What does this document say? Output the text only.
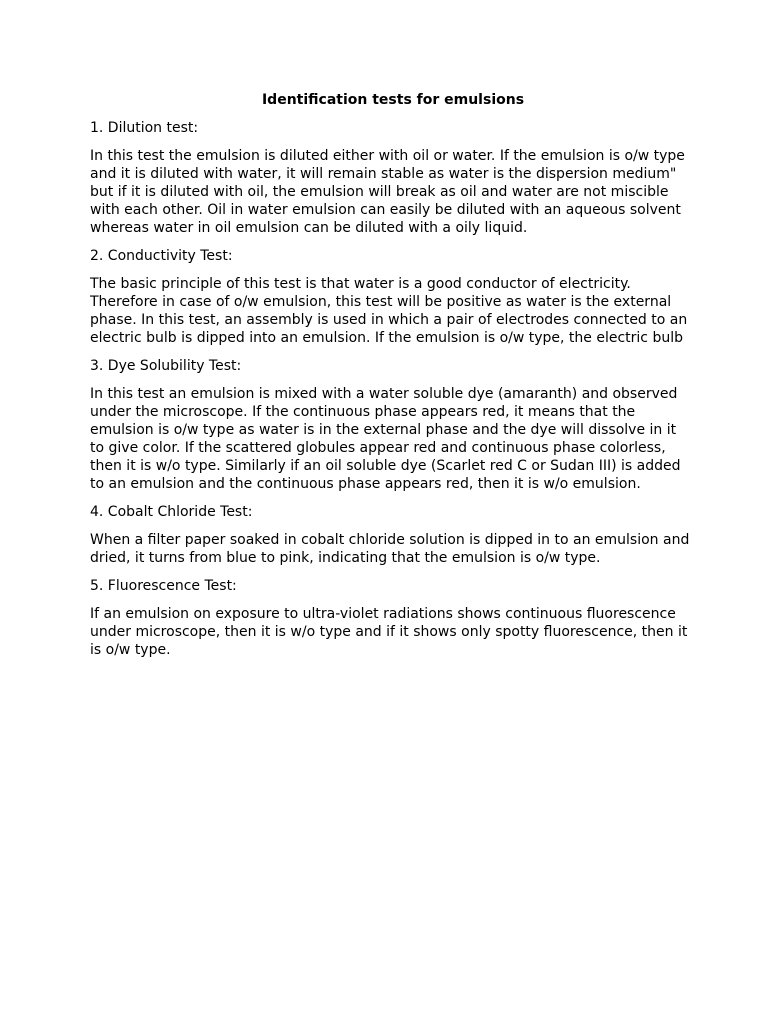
Identification tests for emulsions
1. Dilution test:
In this test the emulsion is diluted either with oil or water. If the emulsion is o/w type and it is diluted with water, it will remain stable as water is the dispersion medium" but if it is diluted with oil, the emulsion will break as oil and water are not miscible with each other. Oil in water emulsion can easily be diluted with an aqueous solvent whereas water in oil emulsion can be diluted with a oily liquid.
2. Conductivity Test:
The basic principle of this test is that water is a good conductor of electricity. Therefore in case of o/w emulsion, this test will be positive as water is the external phase. In this test, an assembly is used in which a pair of electrodes connected to an electric bulb is dipped into an emulsion. If the emulsion is o/w type, the electric bulb
3. Dye Solubility Test:
In this test an emulsion is mixed with a water soluble dye (amaranth) and observed under the microscope. If the continuous phase appears red, it means that the emulsion is o/w type as water is in the external phase and the dye will dissolve in it to give color. If the scattered globules appear red and continuous phase colorless, then it is w/o type. Similarly if an oil soluble dye (Scarlet red C or Sudan III) is added to an emulsion and the continuous phase appears red, then it is w/o emulsion.
4. Cobalt Chloride Test:
When a filter paper soaked in cobalt chloride solution is dipped in to an emulsion and dried, it turns from blue to pink, indicating that the emulsion is o/w type.
5. Fluorescence Test:
If an emulsion on exposure to ultra-violet radiations shows continuous fluorescence under microscope, then it is w/o type and if it shows only spotty fluorescence, then it is o/w type.
